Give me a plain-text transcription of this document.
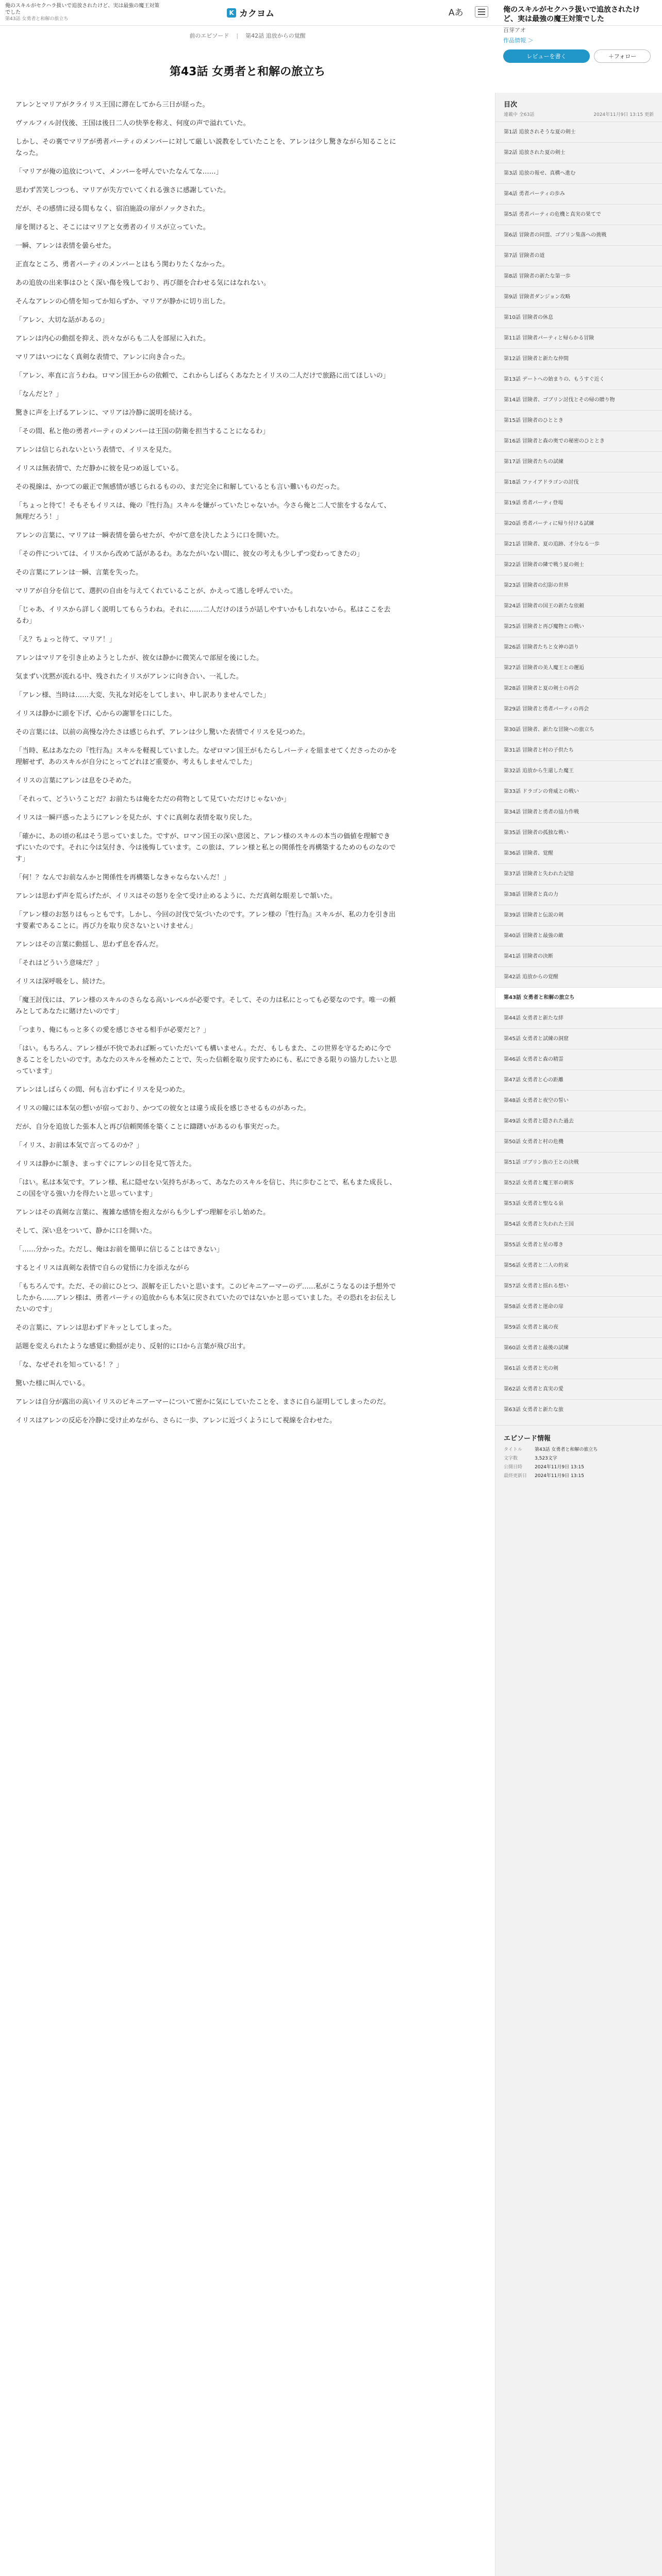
俺のスキルがセクハラ扱いで追放されたけど、実は最強の魔王対策でした
第43話 女勇者と和解の旅立ち
K カクヨム	Aあ	俺のスキルがセクハラ扱いで追放されたけど、実は最強の魔王対策でした
百芽アオ
作品情報 ＞
レビューを書く	＋フォロー
前のエピソード | 第42話 追放からの覚醒
第43話 女勇者と和解の旅立ち

アレンとマリアがクライリス王国に滞在してから三日が経った。

ヴァルフィル討伐後、王国は後日二人の快挙を称え、何度の声で溢れていた。

しかし、その裏でマリアが勇者パーティのメンバーに対して厳しい説教をしていたことを、アレンは少し驚きながら知ることになった。

「マリアが俺の追放について、メンバーを呼んでいたなんてな……」

思わず苦笑しつつも、マリアが失方でいてくれる強さに感謝していた。

だが、その感情に浸る間もなく、宿泊施設の扉がノックされた。

扉を開けると、そこにはマリアと女勇者のイリスが立っていた。

一瞬、アレンは表情を曇らせた。

正直なところ、勇者パーティのメンバーとはもう関わりたくなかった。

あの追放の出来事はひとく深い傷を残しており、再び顔を合わせる気にはなれない。

そんなアレンの心情を知ってか知らずか、マリアが静かに切り出した。

「アレン、大切な話があるの」

アレンは内心の動揺を抑え、渋々ながらも二人を部屋に入れた。

マリアはいつになく真剣な表情で、アレンに向き合った。

「アレン、率直に言うわね。ロマン国王からの依頼で、これからしばらくあなたとイリスの二人だけで旅路に出てほしいの」

「なんだと？」

驚きに声を上げるアレンに、マリアは冷静に説明を続ける。

「その間、私と他の勇者パーティのメンバーは王国の防衛を担当することになるわ」

アレンは信じられないという表情で、イリスを見た。

イリスは無表情で、ただ静かに彼を見つめ返している。

その視線は、かつての厳正で無感情が感じられるものの、まだ完全に和解しているとも言い難いものだった。

「ちょっと待て！そもそもイリスは、俺の『性行為』スキルを嫌がっていたじゃないか。今さら俺と二人で旅をするなんて、無理だろう！」

アレンの言葉に、マリアは一瞬表情を曇らせたが、やがて意を決したように口を開いた。

「その件については、イリスから改めて話があるわ。あなたがいない間に、彼女の考えも少しずつ変わってきたの」

その言葉にアレンは一瞬、言葉を失った。

マリアが自分を信じて、選択の自由を与えてくれていることが、かえって逃しを呼んでいた。

「じゃあ、イリスから詳しく説明してもらうわね。それに……二人だけのほうが話しやすいかもしれないから。私はここを去るわ」

「え？ちょっと待て、マリア！」

アレンはマリアを引き止めようとしたが、彼女は静かに微笑んで部屋を後にした。

気まずい沈黙が流れる中、残されたイリスがアレンに向き合い、一礼した。

「アレン様、当時は……大変、失礼な対応をしてしまい、申し訳ありませんでした」

イリスは静かに頭を下げ、心からの謝罪を口にした。

その言葉には、以前の高慢な冷たさは感じられず、アレンは少し驚いた表情でイリスを見つめた。

「当時、私はあなたの『性行為』スキルを軽視していました。なぜロマン国王がもたらしパーティを組ませてくださったのかを理解せず、あのスキルが自分にとってどれほど重要か、考えもしませんでした」

イリスの言葉にアレンは息をひそめた。

「それって、どういうことだ？お前たちは俺をただの荷物として見ていただけじゃないか」

イリスは一瞬戸惑ったようにアレンを見たが、すぐに真剣な表情を取り戻した。

「確かに、あの頃の私はそう思っていました。ですが、ロマン国王の深い意図と、アレン様のスキルの本当の価値を理解できずにいたのです。それに今は気付き、今は後悔しています。この旅は、アレン様と私との関係性を再構築するためのものなのです」

「何！？なんでお前なんかと関係性を再構築しなきゃならないんだ！」

アレンは思わず声を荒らげたが、イリスはその怒りを全て受け止めるように、ただ真剣な眼差しで頷いた。

「アレン様のお怒りはもっともです。しかし、今回の討伐で気づいたのです。アレン様の『性行為』スキルが、私の力を引き出す要素であることに。再び力を取り戻さないといけません」

アレンはその言葉に動揺し、思わず息を呑んだ。

「それはどういう意味だ？」

イリスは深呼吸をし、続けた。

「魔王討伐には、アレン様のスキルのさらなる高いレベルが必要です。そして、その力は私にとっても必要なのです。唯一の頼みとしてあなたに賭けたいのです」

「つまり、俺にもっと多くの愛を感じさせる相手が必要だと？」

「はい。もちろん、アレン様が不快であれば断っていただいても構いません。ただ、もしもまた、この世界を守るために今できることをしたいのです。あなたのスキルを極めたことで、失った信頼を取り戻すためにも、私にできる限りの協力したいと思っています」

アレンはしばらくの間、何も言わずにイリスを見つめた。

イリスの瞳には本気の想いが宿っており、かつての彼女とは違う成長を感じさせるものがあった。

だが、自分を追放した張本人と再び信頼関係を築くことに躊躇いがあるのも事実だった。

「イリス、お前は本気で言ってるのか？」

イリスは静かに頷き、まっすぐにアレンの目を見て答えた。

「はい。私は本気です。アレン様、私に隠せない気持ちがあって、あなたのスキルを信じ、共に歩むことで、私もまた成長し、この国を守る強い力を得たいと思っています」

アレンはその真剣な言葉に、複雑な感情を抱えながらも少しずつ理解を示し始めた。

そして、深い息をついて、静かに口を開いた。

「……分かった。ただし、俺はお前を簡単に信じることはできない」

するとイリスは真剣な表情で自らの覚悟に力を添えながら

「もちろんです。ただ、その前にひとつ、誤解を正したいと思います。このビキニアーマーのデ……私がこうなるのは予想外でしたから……アレン様は、勇者パーティの追放からも本気に戻されていたのではないかと思っていました。その恐れをお伝えしたいのです」

その言葉に、アレンは思わずドキッとしてしまった。

話題を変えられたような感覚に動揺が走り、反射的に口から言葉が飛び出す。

「な、なぜそれを知っている！？」

驚いた様に叫んでいる。

アレンは自分が露出の高いイリスのビキニアーマーについて密かに気にしていたことを、まさに自ら証明してしまったのだ。

イリスはアレンの反応を冷静に受け止めながら、さらに一歩、アレンに近づくようにして視線を合わせた。

目次
連載中 全63話	2024年11月9日 13:15 更新
第1話 追放されそうな夏の剣士
第2話 追放された夏の剣士
第3話 追放の報せ、真構へ進む
第4話 勇者パーティの歩み
第5話 勇者パーティの危機と真実の果てで
第6話 冒険者の同盟、ゴブリン集落への挑戦
第7話 冒険者の道
第8話 冒険者の新たな第一歩
第9話 冒険者ダンジョン攻略
第10話 冒険者の休息
第11話 冒険者パーティと帰らかる冒険
第12話 冒険者と新たな仲間
第13話 デートへの始まりの、もうすぐ近く
第14話 冒険者、ゴブリン討伐とその帰の贈り物
第15話 冒険者のひととき
第16話 冒険者と森の奥での秘密のひととき
第17話 冒険者たちの試練
第18話 ファイアドラゴンの討伐
第19話 勇者パーティ登場
第20話 勇者パーティに帰り付ける試練
第21話 冒険者、夏の追跡、才分なる一歩
第22話 冒険者の隣で戦う夏の剣士
第23話 冒険者の幻影の世界
第24話 冒険者の国王の新たな依頼
第25話 冒険者と再び魔物との戦い
第26話 冒険者たちと女神の語り
第27話 冒険者の美人魔王との邂逅
第28話 冒険者と夏の剣士の再会
第29話 冒険者と勇者パーティの再会
第30話 冒険者、新たな冒険への旅立ち
第31話 冒険者と村の子供たち
第32話 追放から生還した魔王
第33話 ドラゴンの脅威との戦い
第34話 冒険者と勇者の協力作戦
第35話 冒険者の孤独な戦い
第36話 冒険者、覚醒
第37話 冒険者と失われた記憶
第38話 冒険者と真の力
第39話 冒険者と伝説の剣
第40話 冒険者と最強の敵
第41話 冒険者の決断
第42話 追放からの覚醒
第43話 女勇者と和解の旅立ち
第44話 女勇者と新たな絆
第45話 女勇者と試練の洞窟
第46話 女勇者と森の精霊
第47話 女勇者と心の距離
第48話 女勇者と夜空の誓い
第49話 女勇者と隠された過去
第50話 女勇者と村の危機
第51話 ゴブリン族の王との決戦
第52話 女勇者と魔王軍の刺客
第53話 女勇者と聖なる泉
第54話 女勇者と失われた王国
第55話 女勇者と星の導き
第56話 女勇者と二人の約束
第57話 女勇者と揺れる想い
第58話 女勇者と運命の扉
第59話 女勇者と嵐の夜
第60話 女勇者と最後の試練
第61話 女勇者と光の剣
第62話 女勇者と真実の愛
第63話 女勇者と新たな旅
エピソード情報
タイトル	第43話 女勇者と和解の旅立ち
文字数	3,523文字
公開日時	2024年11月9日 13:15
最終更新日	2024年11月9日 13:15
